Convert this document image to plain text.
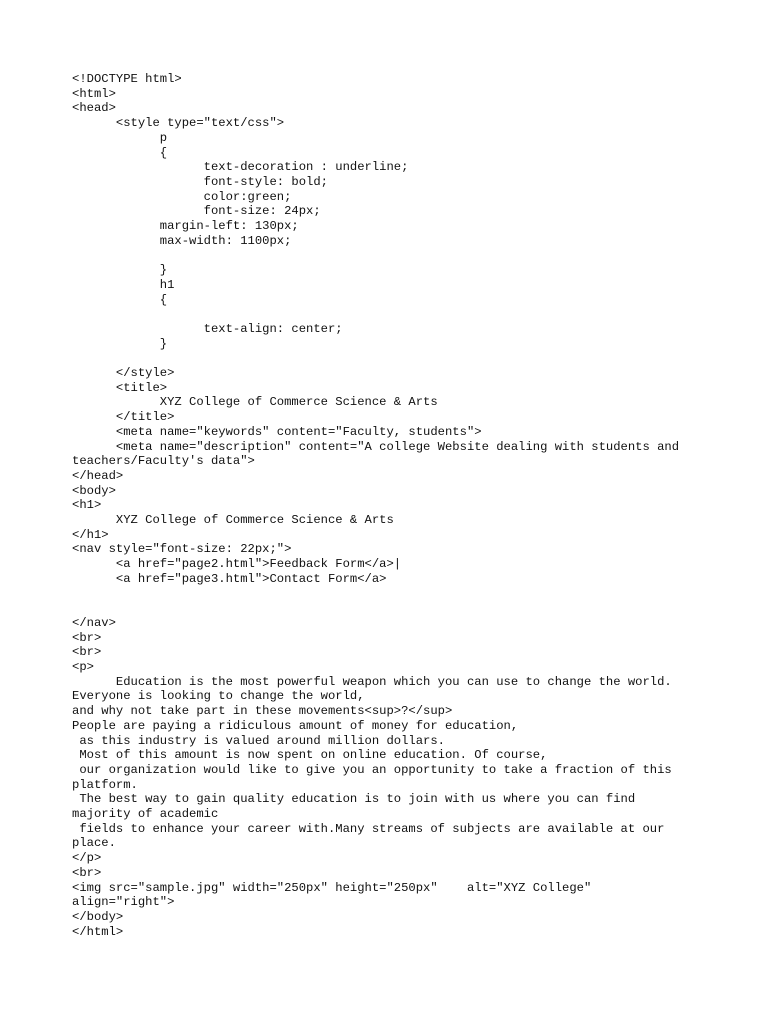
<!DOCTYPE html>
<html>
<head>
<style type="text/css">
p
{
text-decoration : underline;
font-style: bold;
color:green;
font-size: 24px;
margin-left: 130px;
max-width: 1100px;
}
h1
{
text-align: center;
}
</style>
<title>
XYZ College of Commerce Science & Arts
</title>
<meta name="keywords" content="Faculty, students">
<meta name="description" content="A college Website dealing with students and
teachers/Faculty's data">
</head>
<body>
<h1>
XYZ College of Commerce Science & Arts
</h1>
<nav style="font-size: 22px;">
<a href="page2.html">Feedback Form</a>|
<a href="page3.html">Contact Form</a>
</nav>
<br>
<br>
<p>
Education is the most powerful weapon which you can use to change the world.
Everyone is looking to change the world,
and why not take part in these movements<sup>?</sup>
People are paying a ridiculous amount of money for education,
as this industry is valued around million dollars.
Most of this amount is now spent on online education. Of course,
our organization would like to give you an opportunity to take a fraction of this
platform.
The best way to gain quality education is to join with us where you can find
majority of academic
fields to enhance your career with.Many streams of subjects are available at our
place.
</p>
<br>
<img src="sample.jpg" width="250px" height="250px"    alt="XYZ College"
align="right">
</body>
</html>
